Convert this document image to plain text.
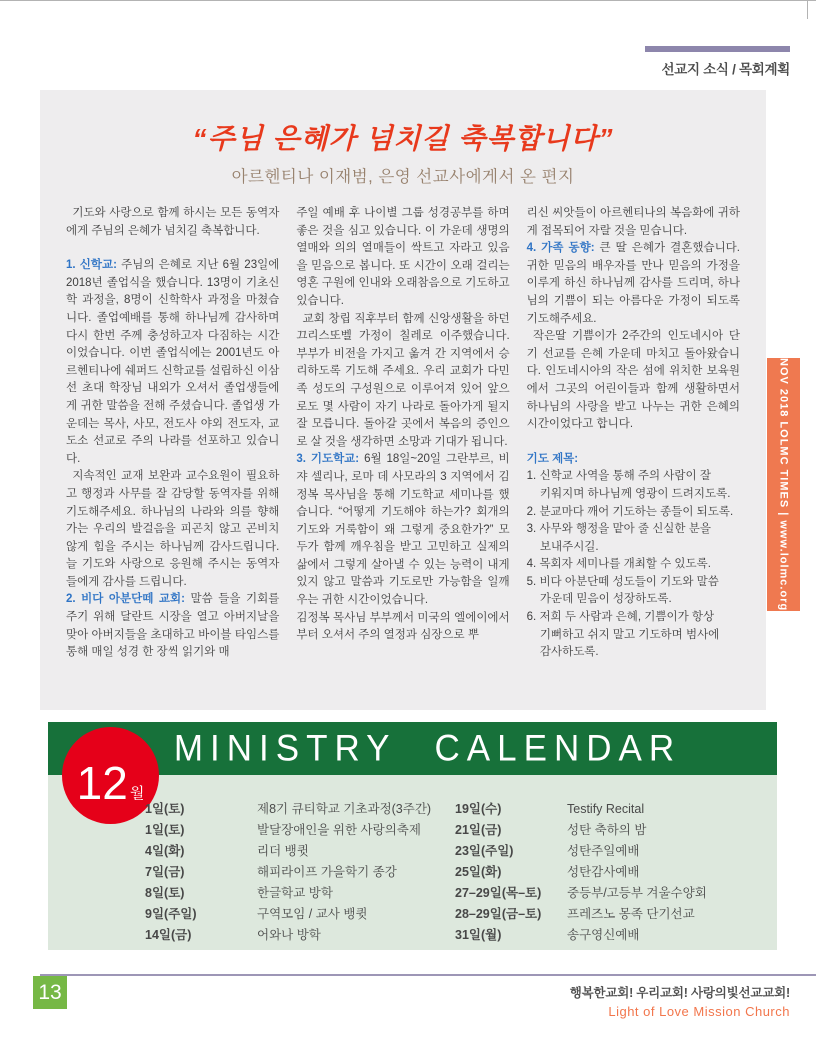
선교지 소식 / 목회계획
“주님 은혜가 넘치길 축복합니다”
아르헨티나 이재범, 은영 선교사에게서 온 편지

기도와 사랑으로 함께 하시는 모든 동역자에게 주님의 은혜가 넘치길 축복합니다.

1. 신학교: 주님의 은혜로 지난 6월 23일에 2018년 졸업식을 했습니다. 13명이 기초신학 과정을, 8명이 신학학사 과정을 마쳤습니다. 졸업예배를 통해 하나님께 감사하며 다시 한번 주께 충성하고자 다짐하는 시간이었습니다. 이번 졸업식에는 2001년도 아르헨티나에 쉐퍼드 신학교를 설립하신 이삼선 초대 학장님 내외가 오셔서 졸업생들에게 귀한 말씀을 전해 주셨습니다. 졸업생 가운데는 목사, 사모, 전도사 야외 전도자, 교도소 선교로 주의 나라를 선포하고 있습니다.

지속적인 교재 보완과 교수요원이 필요하고 행정과 사무를 잘 감당할 동역자를 위해 기도해주세요. 하나님의 나라와 의를 향해 가는 우리의 발걸음을 피곤치 않고 곤비치 않게 힘을 주시는 하나님께 감사드립니다. 늘 기도와 사랑으로 응원해 주시는 동역자들에게 감사를 드립니다.

2. 비다 아분단떼 교회: 말씀 들을 기회를 주기 위해 달란트 시장을 열고 아버지날을 맞아 아버지들을 초대하고 바이블 타임스를 통해 매일 성경 한 장씩 읽기와 매

주일 예배 후 나이별 그룹 성경공부를 하며 좋은 것을 심고 있습니다. 이 가운데 생명의 열매와 의의 열매들이 싹트고 자라고 있음을 믿음으로 봅니다. 또 시간이 오래 걸리는 영혼 구원에 인내와 오래참음으로 기도하고 있습니다.

교회 창립 직후부터 함께 신앙생활을 하던 끄리스또벨 가정이 칠레로 이주했습니다. 부부가 비전을 가지고 옮겨 간 지역에서 승리하도록 기도해 주세요. 우리 교회가 다민족 성도의 구성원으로 이루어져 있어 앞으로도 몇 사람이 자기 나라로 돌아가게 될지 잘 모릅니다. 돌아갈 곳에서 복음의 증인으로 살 것을 생각하면 소망과 기대가 됩니다.

3. 기도학교: 6월 18일~20일 그란부르, 비쟈 셀리나, 로마 데 사모라의 3 지역에서 김정복 목사님을 통해 기도학교 세미나를 했습니다. “어떻게 기도해야 하는가? 회개의 기도와 거룩함이 왜 그렇게 중요한가?” 모두가 함께 깨우침을 받고 고민하고 실제의 삶에서 그렇게 살아낼 수 있는 능력이 내게 있지 않고 말씀과 기도로만 가능함을 일깨우는 귀한 시간이었습니다.

김정복 목사님 부부께서 미국의 엘에이에서부터 오셔서 주의 열정과 심장으로 뿌

리신 씨앗들이 아르헨티나의 복음화에 귀하게 접목되어 자랄 것을 믿습니다.

4. 가족 동향: 큰 딸 은혜가 결혼했습니다. 귀한 믿음의 배우자를 만나 믿음의 가정을 이루게 하신 하나님께 감사를 드리며, 하나님의 기쁨이 되는 아름다운 가정이 되도록 기도해주세요.

작은딸 기쁨이가 2주간의 인도네시아 단기 선교를 은혜 가운데 마치고 돌아왔습니다. 인도네시아의 작은 섬에 위치한 보육원에서 그곳의 어린이들과 함께 생활하면서 하나님의 사랑을 받고 나누는 귀한 은혜의 시간이었다고 합니다.

기도 제목:

1. 신학교 사역을 통해 주의 사람이 잘 키워지며 하나님께 영광이 드려지도록.
2. 분교마다 깨어 기도하는 종들이 되도록.
3. 사무와 행정을 맡아 줄 신실한 분을 보내주시길.
4. 목회자 세미나를 개최할 수 있도록.
5. 비다 아분단떼 성도들이 기도와 말씀 가운데 믿음이 성장하도록.
6. 저희 두 사람과 은혜, 기쁨이가 항상 기뻐하고 쉬지 말고 기도하며 범사에 감사하도록.
NOV 2018 LOLMC TIMES | www.lolmc.org
MINISTRY CALENDAR
12 월
1일(토)	제8기 큐티학교 기초과정(3주간)
1일(토)	발달장애인을 위한 사랑의축제
4일(화)	리더 뱅큇
7일(금)	해피라이프 가을학기 종강
8일(토)	한글학교 방학
9일(주일)	구역모임 / 교사 뱅큇
14일(금)	어와나 방학
19일(수)	Testify Recital
21일(금)	성탄 축하의 밤
23일(주일)	성탄주일예배
25일(화)	성탄감사예배
27–29일(목–토)	중등부/고등부 겨울수양회
28–29일(금–토)	프레즈노 몽족 단기선교
31일(월)	송구영신예배
13	행복한교회! 우리교회! 사랑의빛선교교회!
Light of Love Mission Church
